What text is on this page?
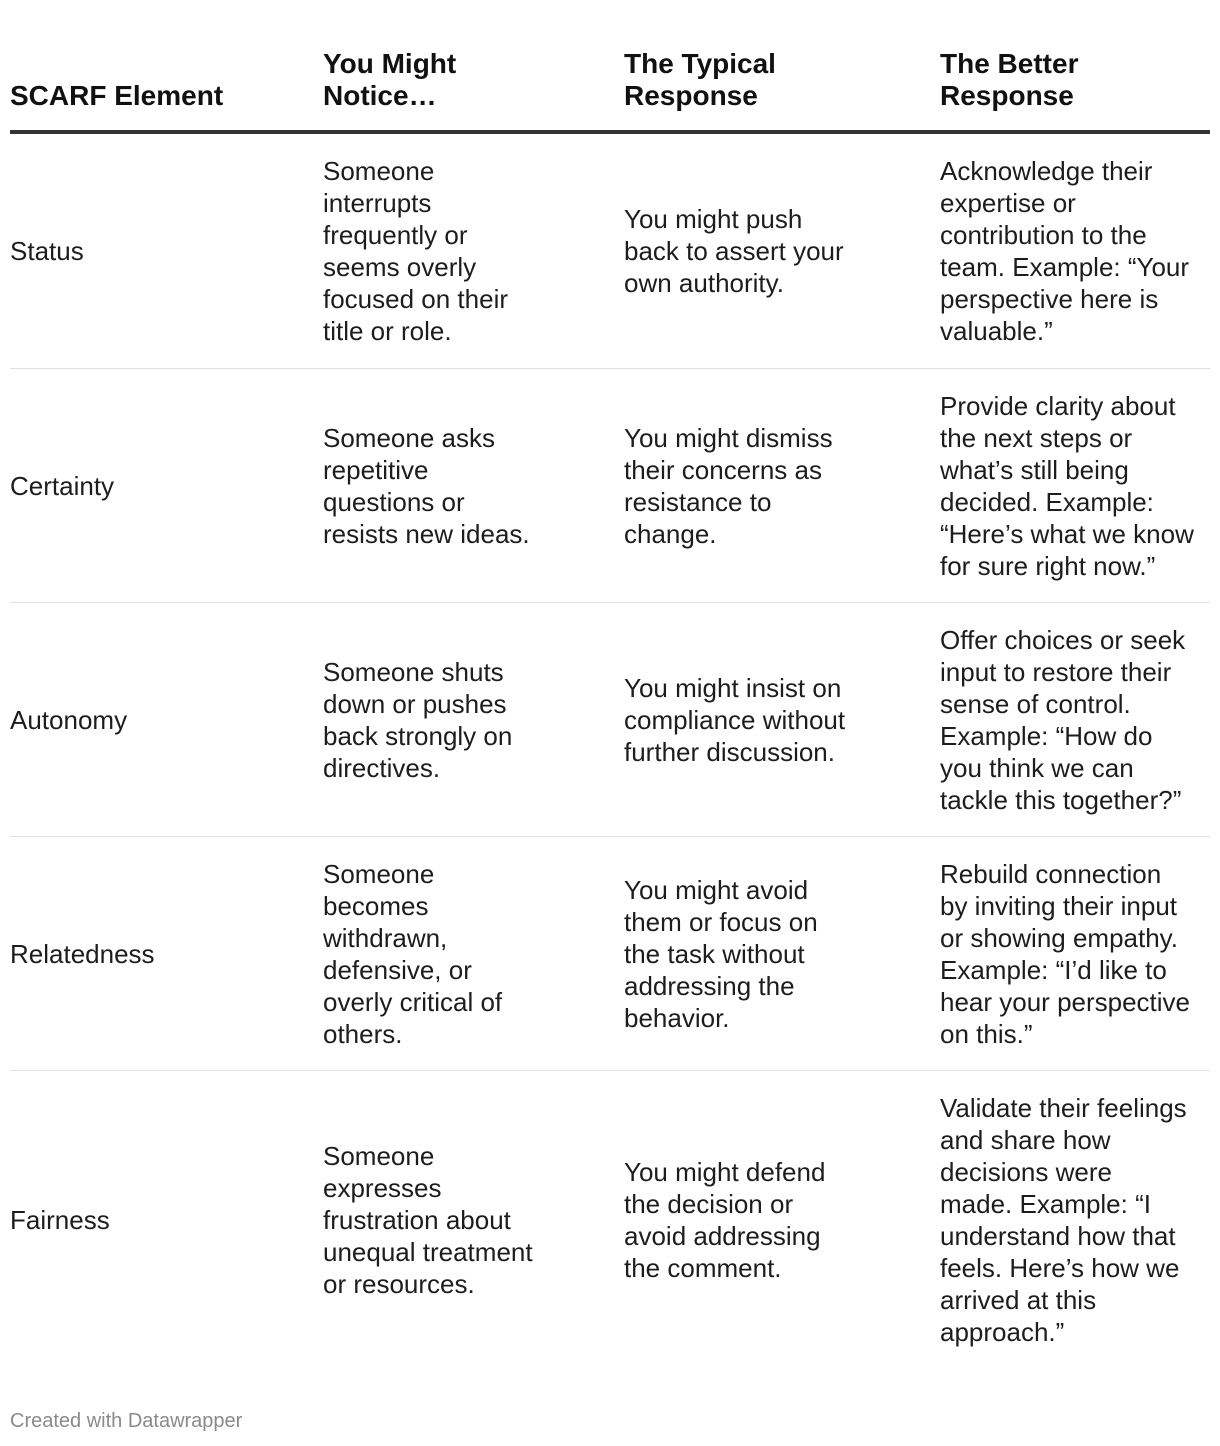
SCARF Element
You Might
Notice…
The Typical
Response
The Better
Response
Status
Someone
interrupts
frequently or
seems overly
focused on their
title or role.
You might push
back to assert your
own authority.
Acknowledge their
expertise or
contribution to the
team. Example: “Your
perspective here is
valuable.”
Certainty
Someone asks
repetitive
questions or
resists new ideas.
You might dismiss
their concerns as
resistance to
change.
Provide clarity about
the next steps or
what’s still being
decided. Example:
“Here’s what we know
for sure right now.”
Autonomy
Someone shuts
down or pushes
back strongly on
directives.
You might insist on
compliance without
further discussion.
Offer choices or seek
input to restore their
sense of control.
Example: “How do
you think we can
tackle this together?”
Relatedness
Someone
becomes
withdrawn,
defensive, or
overly critical of
others.
You might avoid
them or focus on
the task without
addressing the
behavior.
Rebuild connection
by inviting their input
or showing empathy.
Example: “I’d like to
hear your perspective
on this.”
Fairness
Someone
expresses
frustration about
unequal treatment
or resources.
You might defend
the decision or
avoid addressing
the comment.
Validate their feelings
and share how
decisions were
made. Example: “I
understand how that
feels. Here’s how we
arrived at this
approach.”
Created with Datawrapper
